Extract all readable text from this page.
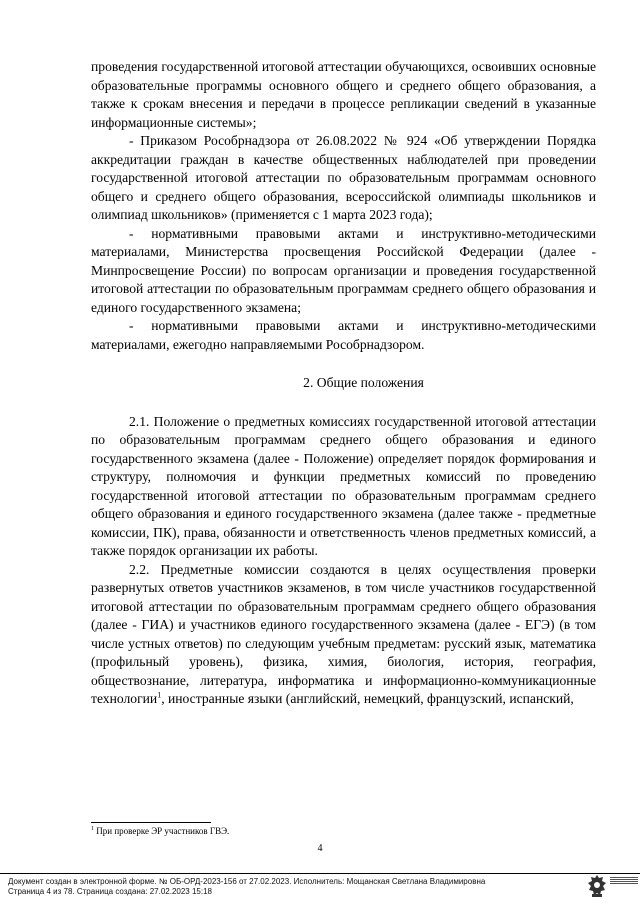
проведения государственной итоговой аттестации обучающихся, освоивших основные образовательные программы основного общего и среднего общего образования, а также к срокам внесения и передачи в процессе репликации сведений в указанные информационные системы»;

- Приказом Рособрнадзора от 26.08.2022 № 924 «Об утверждении Порядка аккредитации граждан в качестве общественных наблюдателей при проведении государственной итоговой аттестации по образовательным программам основного общего и среднего общего образования, всероссийской олимпиады школьников и олимпиад школьников» (применяется с 1 марта 2023 года);

- нормативными правовыми актами и инструктивно-методическими материалами, Министерства просвещения Российской Федерации (далее - Минпросвещение России) по вопросам организации и проведения государственной итоговой аттестации по образовательным программам среднего общего образования и единого государственного экзамена;

- нормативными правовыми актами и инструктивно-методическими материалами, ежегодно направляемыми Рособрнадзором.

2. Общие положения

2.1. Положение о предметных комиссиях государственной итоговой аттестации по образовательным программам среднего общего образования и единого государственного экзамена (далее - Положение) определяет порядок формирования и структуру, полномочия и функции предметных комиссий по проведению государственной итоговой аттестации по образовательным программам среднего общего образования и единого государственного экзамена (далее также - предметные комиссии, ПК), права, обязанности и ответственность членов предметных комиссий, а также порядок организации их работы.

2.2. Предметные комиссии создаются в целях осуществления проверки развернутых ответов участников экзаменов, в том числе участников государственной итоговой аттестации по образовательным программам среднего общего образования (далее - ГИА) и участников единого государственного экзамена (далее - ЕГЭ) (в том числе устных ответов) по следующим учебным предметам: русский язык, математика (профильный уровень), физика, химия, биология, история, география, обществознание, литература, информатика и информационно-коммуникационные технологии$^1$, иностранные языки (английский, немецкий, французский, испанский,

$^1$ При проверке ЭР участников ГВЭ.
4
Документ создан в электронной форме. № ОБ-ОРД-2023-156 от 27.02.2023. Исполнитель: Мощанская Светлана Владимировна
Страница 4 из 78. Страница создана: 27.02.2023 15:18
